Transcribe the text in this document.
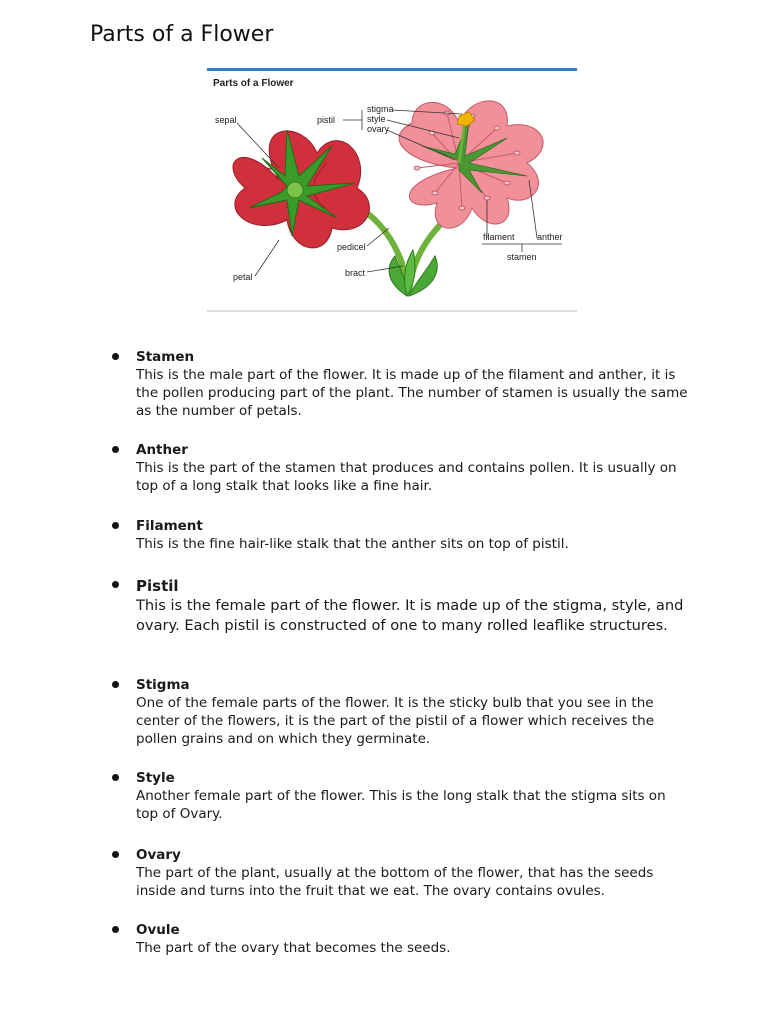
Parts of a Flower
Parts of a Flower
stigma
style
ovary
pistil
sepal
filament anther
stamen
pedicel
bract
petal
Stamen
This is the male part of the flower. It is made up of the filament and anther, it is the pollen producing part of the plant. The number of stamen is usually the same as the number of petals.
Anther
This is the part of the stamen that produces and contains pollen. It is usually on top of a long stalk that looks like a fine hair.
Filament
This is the fine hair-like stalk that the anther sits on top of pistil.
Pistil
This is the female part of the flower. It is made up of the stigma, style, and ovary. Each pistil is constructed of one to many rolled leaflike structures.
Stigma
One of the female parts of the flower. It is the sticky bulb that you see in the center of the flowers, it is the part of the pistil of a flower which receives the pollen grains and on which they germinate.
Style
Another female part of the flower. This is the long stalk that the stigma sits on top of Ovary.
Ovary
The part of the plant, usually at the bottom of the flower, that has the seeds inside and turns into the fruit that we eat. The ovary contains ovules.
Ovule
The part of the ovary that becomes the seeds.
